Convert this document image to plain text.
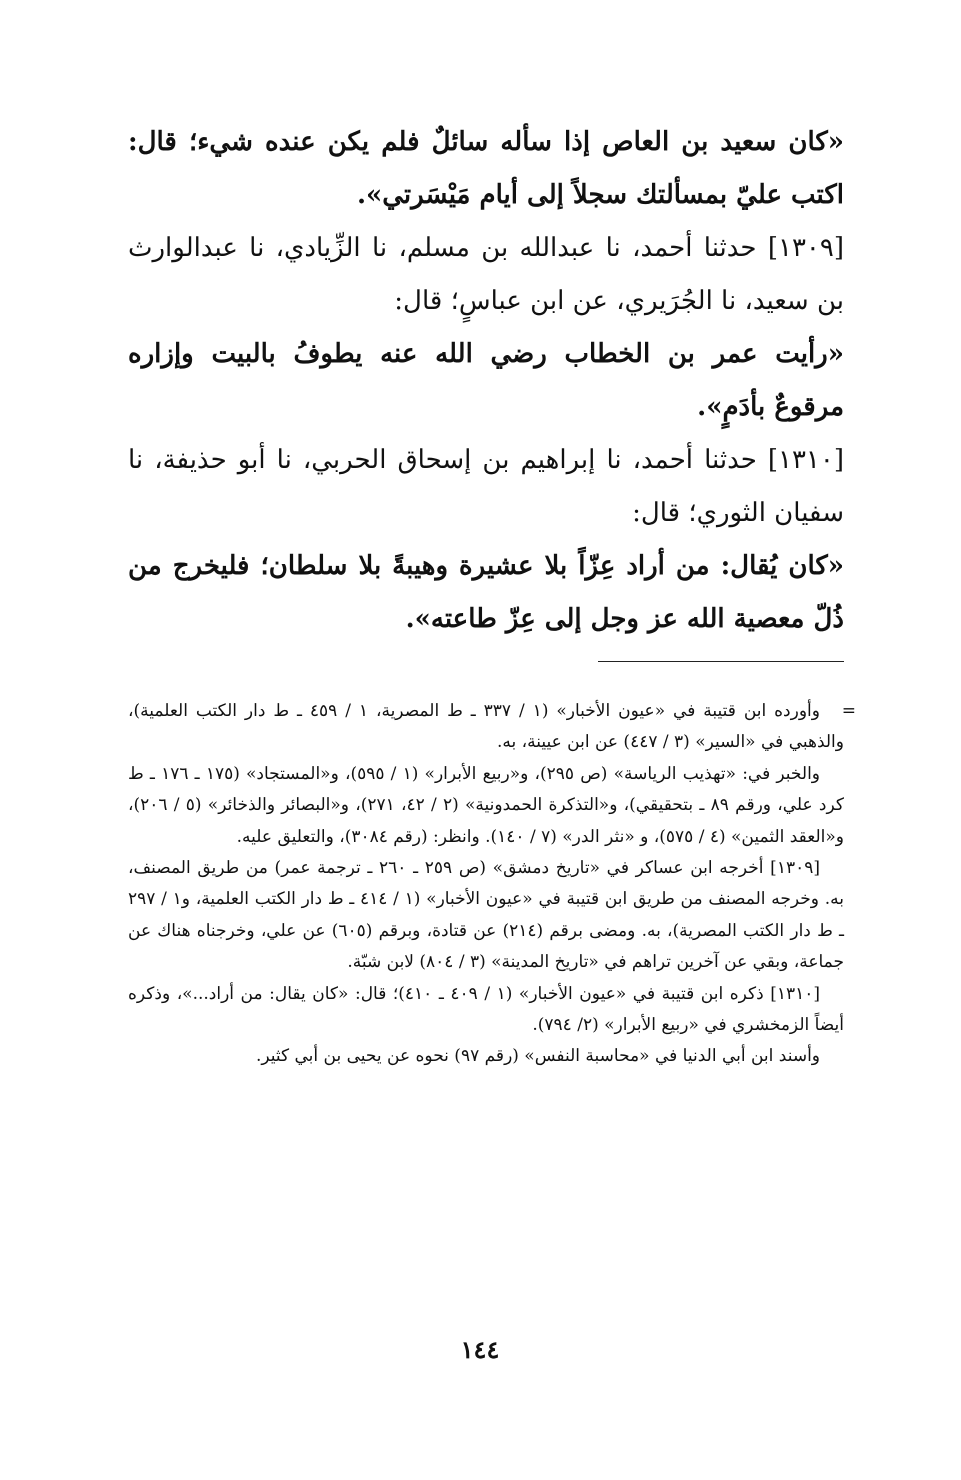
«كان سعيد بن العاص إذا سأله سائلٌ فلم يكن عنده شيء؛ قال: اكتب عليّ بمسألتك سجلاً إلى أيام مَيْسَرتي».

[١٣٠٩] حدثنا أحمد، نا عبدالله بن مسلم، نا الزِّيادي، نا عبدالوارث بن سعيد، نا الجُرَيري، عن ابن عباسٍ؛ قال:

«رأيت عمر بن الخطاب رضي الله عنه يطوفُ بالبيت وإزاره مرقوعٌ بأدَمٍ».

[١٣١٠] حدثنا أحمد، نا إبراهيم بن إسحاق الحربي، نا أبو حذيفة، نا سفيان الثوري؛ قال:

«كان يُقال: من أراد عِزّاً بلا عشيرة وهيبةً بلا سلطان؛ فليخرج من ذُلّ معصية الله عز وجل إلى عِزّ طاعته».

=
وأورده ابن قتيبة في «عيون الأخبار» (١ / ٣٣٧ ـ ط المصرية، ١ / ٤٥٩ ـ ط دار الكتب العلمية)، والذهبي في «السير» (٣ / ٤٤٧) عن ابن عيينة، به.

والخبر في: «تهذيب الرياسة» (ص ٢٩٥)، و«ربيع الأبرار» (١ / ٥٩٥)، و«المستجاد» (١٧٥ ـ ١٧٦ ـ ط كرد علي، ورقم ٨٩ ـ بتحقيقي)، و«التذكرة الحمدونية» (٢ / ٤٢، ٢٧١)، و«البصائر والذخائر» (٥ / ٢٠٦)، و«العقد الثمين» (٤ / ٥٧٥)، و «نثر الدر» (٧ / ١٤٠). وانظر: (رقم ٣٠٨٤)، والتعليق عليه.

[١٣٠٩] أخرجه ابن عساكر في «تاريخ دمشق» (ص ٢٥٩ ـ ٢٦٠ ـ ترجمة عمر) من طريق المصنف، به. وخرجه المصنف من طريق ابن قتيبة في «عيون الأخبار» (١ / ٤١٤ ـ ط دار الكتب العلمية، و١ / ٢٩٧ ـ ط دار الكتب المصرية)، به. ومضى برقم (٢١٤) عن قتادة، وبرقم (٦٠٥) عن علي، وخرجناه هناك عن جماعة، وبقي عن آخرين تراهم في «تاريخ المدينة» (٣ / ٨٠٤) لابن شبّة.

[١٣١٠] ذكره ابن قتيبة في «عيون الأخبار» (١ / ٤٠٩ ـ ٤١٠)؛ قال: «كان يقال: من أراد...»، وذكره أيضاً الزمخشري في «ربيع الأبرار» (٢/ ٧٩٤).

وأسند ابن أبي الدنيا في «محاسبة النفس» (رقم ٩٧) نحوه عن يحيى بن أبي كثير.

١٤٤
